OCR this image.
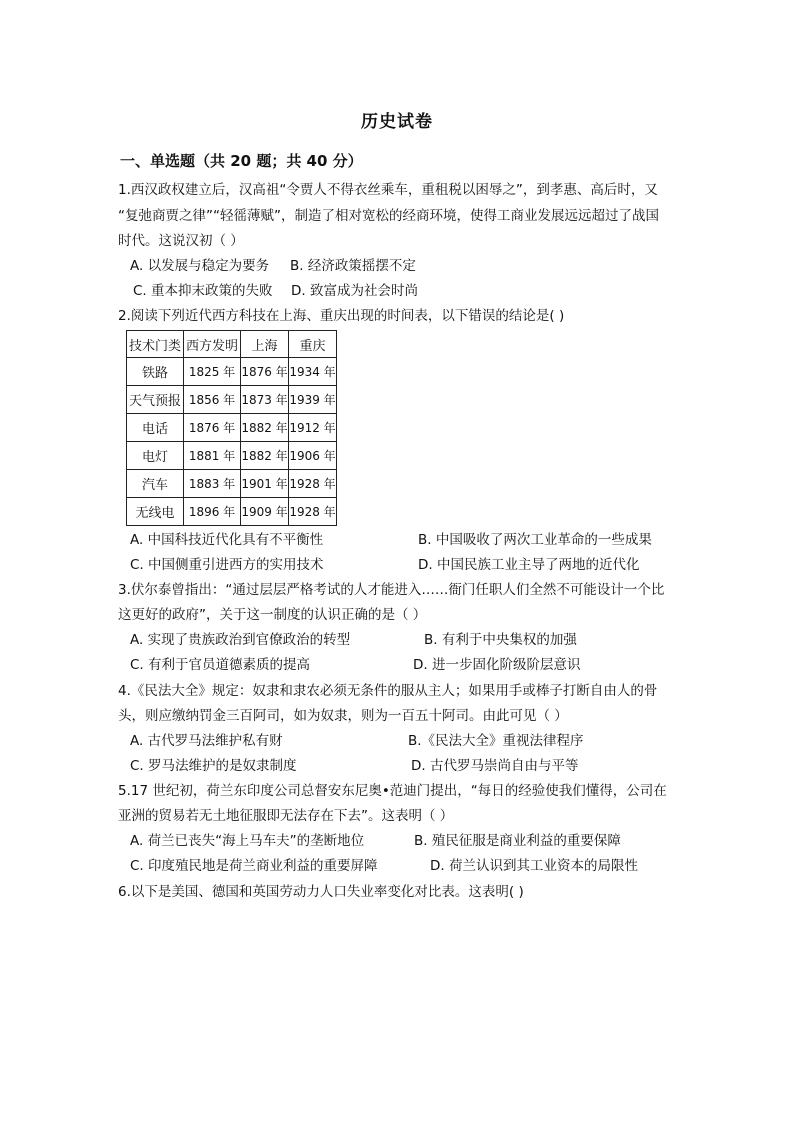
历史试卷
一、单选题（共 20 题；共 40 分）
1.西汉政权建立后，汉高祖“令贾人不得衣丝乘车，重租税以困辱之”，到孝惠、高后时，又
“复弛商贾之律”“轻徭薄赋”，制造了相对宽松的经商环境，使得工商业发展远远超过了战国
时代。这说汉初（ ）
A. 以发展与稳定为要务 B. 经济政策摇摆不定
C. 重本抑末政策的失败 D. 致富成为社会时尚
2.阅读下列近代西方科技在上海、重庆出现的时间表，以下错误的结论是( )
技术门类	西方发明	上海	重庆
铁路	1825 年	1876 年	1934 年
天气预报	1856 年	1873 年	1939 年
电话	1876 年	1882 年	1912 年
电灯	1881 年	1882 年	1906 年
汽车	1883 年	1901 年	1928 年
无线电	1896 年	1909 年	1928 年
A. 中国科技近代化具有不平衡性	B. 中国吸收了两次工业革命的一些成果
C. 中国侧重引进西方的实用技术	D. 中国民族工业主导了两地的近代化
3.伏尔泰曾指出：“通过层层严格考试的人才能进入……衙门任职人们全然不可能设计一个比
这更好的政府”，关于这一制度的认识正确的是（ ）
A. 实现了贵族政治到官僚政治的转型	B. 有利于中央集权的加强
C. 有利于官员道德素质的提高	D. 进一步固化阶级阶层意识
4.《民法大全》规定：奴隶和隶农必须无条件的服从主人；如果用手或棒子打断自由人的骨
头，则应缴纳罚金三百阿司，如为奴隶，则为一百五十阿司。由此可见（ ）
A. 古代罗马法维护私有财	B.《民法大全》重视法律程序
C. 罗马法维护的是奴隶制度	D. 古代罗马崇尚自由与平等
5.17 世纪初，荷兰东印度公司总督安东尼奥•范迪门提出，“每日的经验使我们懂得，公司在
亚洲的贸易若无土地征服即无法存在下去”。这表明（ ）
A. 荷兰已丧失“海上马车夫”的垄断地位	B. 殖民征服是商业利益的重要保障
C. 印度殖民地是荷兰商业利益的重要屏障	D. 荷兰认识到其工业资本的局限性
6.以下是美国、德国和英国劳动力人口失业率变化对比表。这表明( )
